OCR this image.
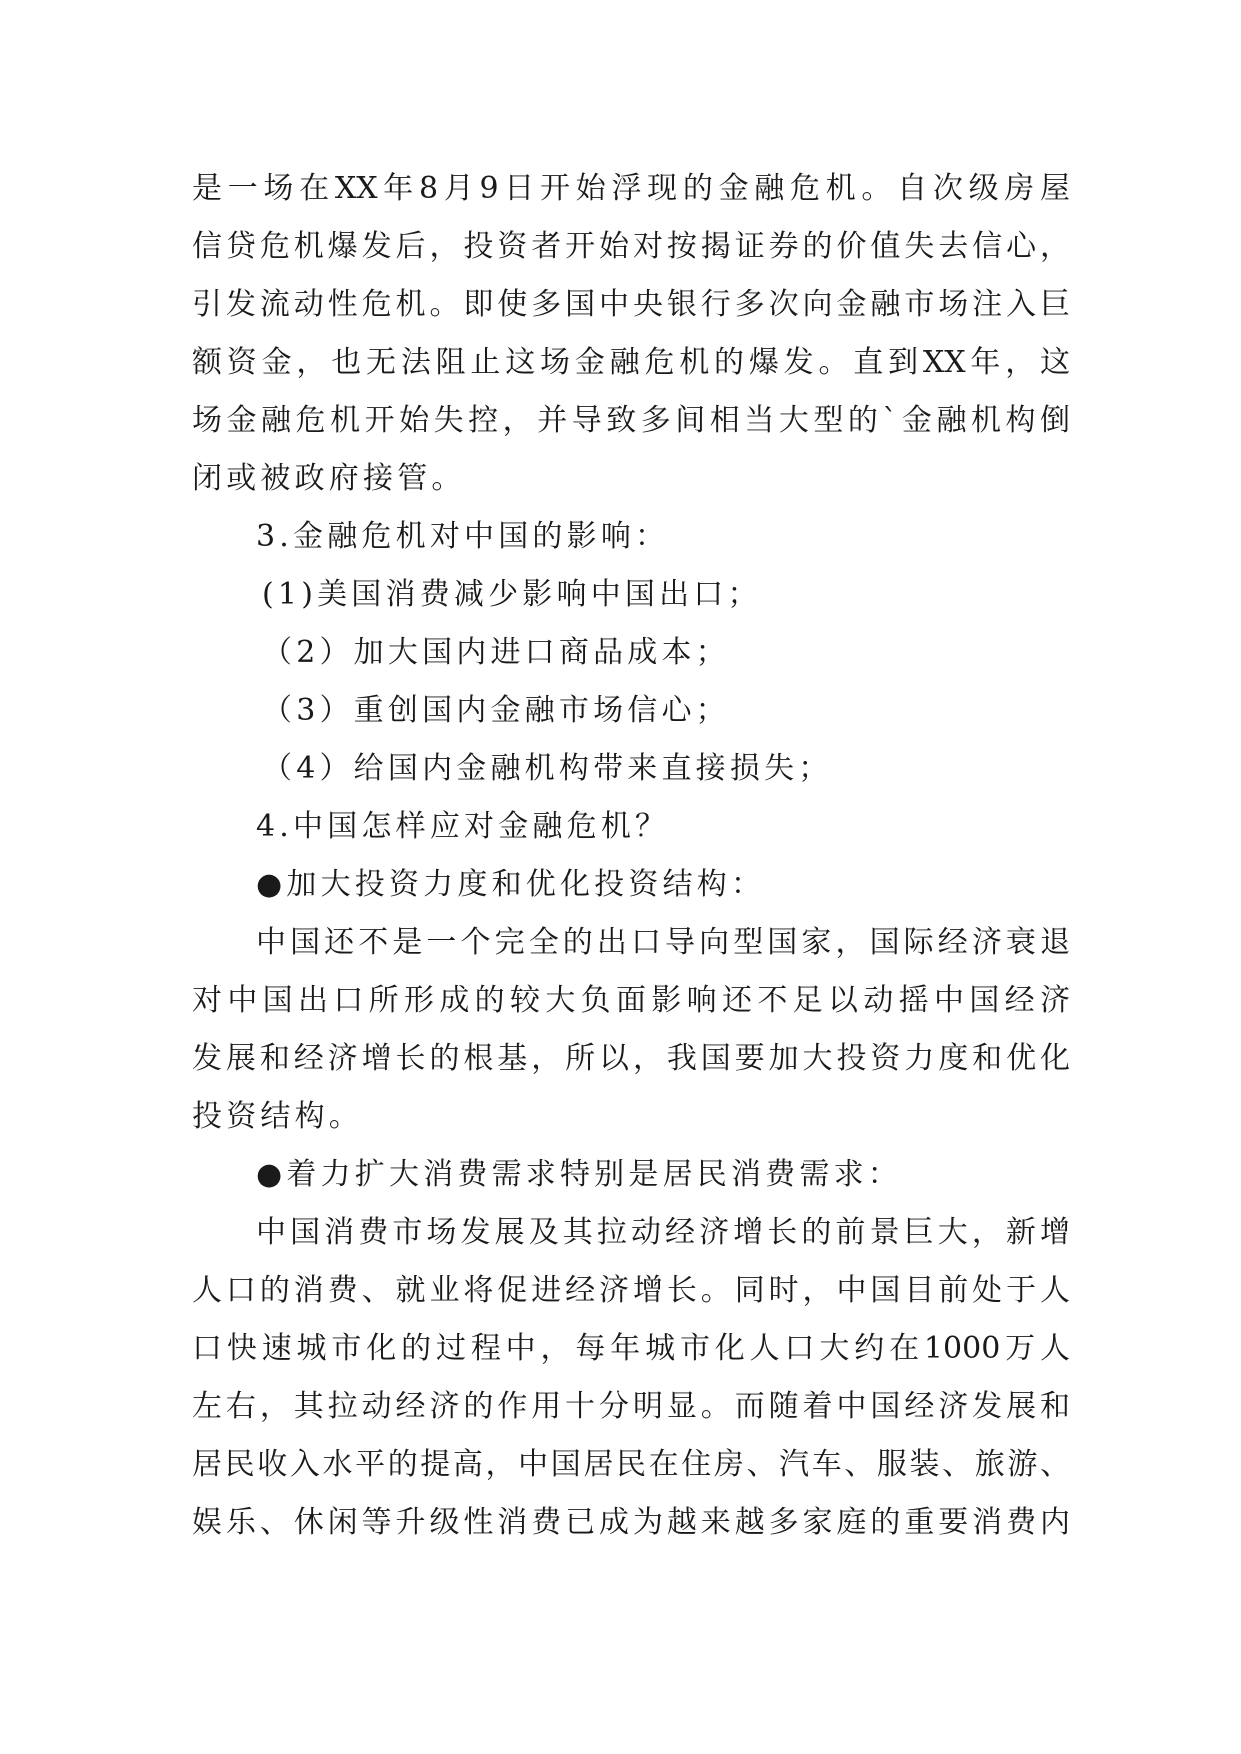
是一场在XX年8月9日开始浮现的金融危机。自次级房屋
信贷危机爆发后，投资者开始对按揭证券的价值失去信心，
引发流动性危机。即使多国中央银行多次向金融市场注入巨
额资金，也无法阻止这场金融危机的爆发。直到XX年，这
场金融危机开始失控，并导致多间相当大型的`金融机构倒
闭或被政府接管。
3.金融危机对中国的影响：
(1)美国消费减少影响中国出口；
（2）加大国内进口商品成本；
（3）重创国内金融市场信心；
（4）给国内金融机构带来直接损失；
4.中国怎样应对金融危机？
●加大投资力度和优化投资结构：
中国还不是一个完全的出口导向型国家，国际经济衰退
对中国出口所形成的较大负面影响还不足以动摇中国经济
发展和经济增长的根基，所以，我国要加大投资力度和优化
投资结构。
●着力扩大消费需求特别是居民消费需求：
中国消费市场发展及其拉动经济增长的前景巨大，新增
人口的消费、就业将促进经济增长。同时，中国目前处于人
口快速城市化的过程中，每年城市化人口大约在1000万人
左右，其拉动经济的作用十分明显。而随着中国经济发展和
居民收入水平的提高，中国居民在住房、汽车、服装、旅游、
娱乐、休闲等升级性消费已成为越来越多家庭的重要消费内
